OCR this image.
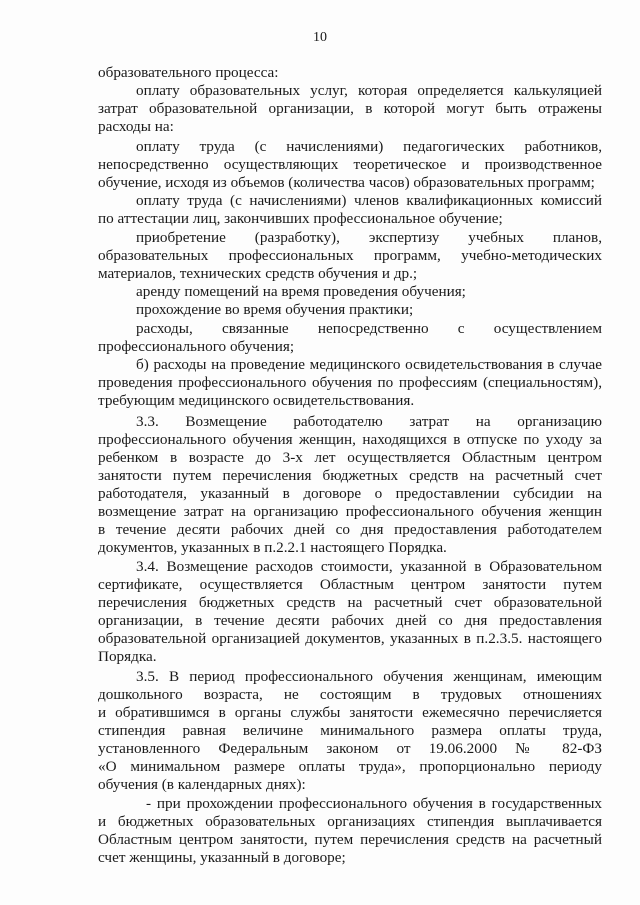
10

образовательного процесса:

оплату образовательных услуг, которая определяется калькуляцией

затрат образовательной организации, в которой могут быть отражены

расходы на:

оплату труда (с начислениями) педагогических работников,

непосредственно осуществляющих теоретическое и производственное

обучение, исходя из объемов (количества часов) образовательных программ;

оплату труда (с начислениями) членов квалификационных комиссий

по аттестации лиц, закончивших профессиональное обучение;

приобретение (разработку), экспертизу учебных планов,

образовательных профессиональных программ, учебно-методических

материалов, технических средств обучения и др.;

аренду помещений на время проведения обучения;

прохождение во время обучения практики;

расходы, связанные непосредственно с осуществлением

профессионального обучения;

б) расходы на проведение медицинского освидетельствования в случае

проведения профессионального обучения по профессиям (специальностям),

требующим медицинского освидетельствования.

3.3. Возмещение работодателю затрат на организацию

профессионального обучения женщин, находящихся в отпуске по уходу за

ребенком в возрасте до 3-х лет осуществляется Областным центром

занятости путем перечисления бюджетных средств на расчетный счет

работодателя, указанный в договоре о предоставлении субсидии на

возмещение затрат на организацию профессионального обучения женщин

в течение десяти рабочих дней со дня предоставления работодателем

документов, указанных в п.2.2.1 настоящего Порядка.

3.4. Возмещение расходов стоимости, указанной в Образовательном

сертификате, осуществляется Областным центром занятости путем

перечисления бюджетных средств на расчетный счет образовательной

организации, в течение десяти рабочих дней со дня предоставления

образовательной организацией документов, указанных в п.2.3.5. настоящего

Порядка.

3.5. В период профессионального обучения женщинам, имеющим

дошкольного возраста, не состоящим в трудовых отношениях

и обратившимся в органы службы занятости ежемесячно перечисляется

стипендия равная величине минимального размера оплаты труда,

установленного Федеральным законом от 19.06.2000 № 82-ФЗ

«О минимальном размере оплаты труда», пропорционально периоду

обучения (в календарных днях):

- при прохождении профессионального обучения в государственных

и бюджетных образовательных организациях стипендия выплачивается

Областным центром занятости, путем перечисления средств на расчетный

счет женщины, указанный в договоре;
